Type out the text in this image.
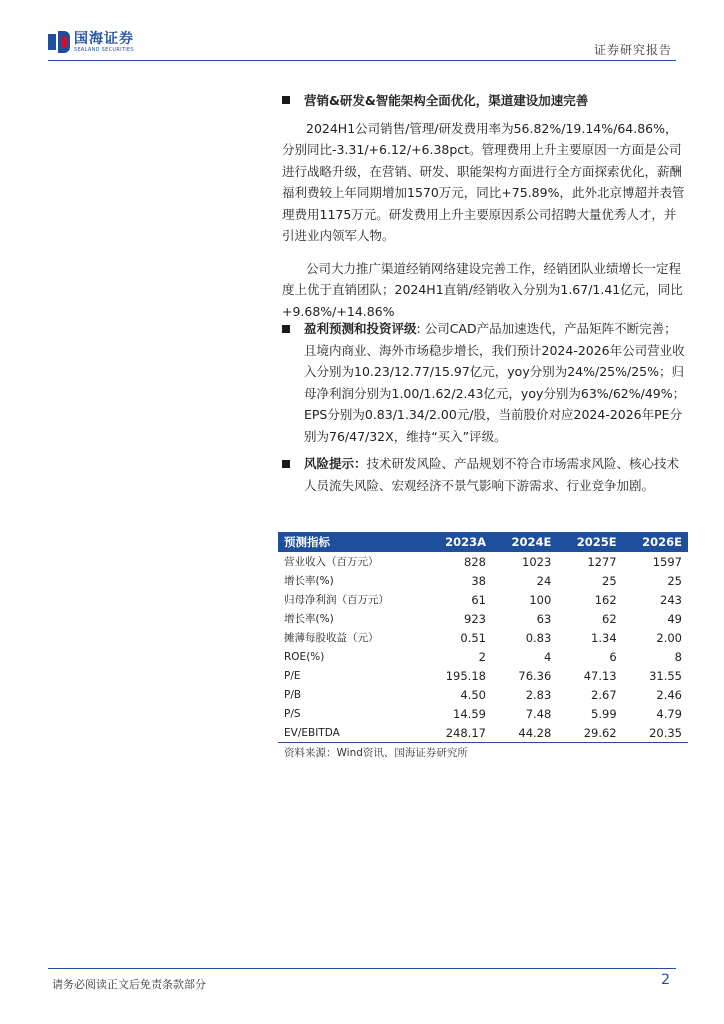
国海证券
SEALAND SECURITIES	证券研究报告
营销&研发&智能架构全面优化，渠道建设加速完善
2024H1公司销售/管理/研发费用率为56.82%/19.14%/64.86%，分别同比-3.31/+6.12/+6.38pct。管理费用上升主要原因一方面是公司进行战略升级，在营销、研发、职能架构方面进行全方面探索优化，薪酬福利费较上年同期增加1570万元，同比+75.89%，此外北京博超并表管理费用1175万元。研发费用上升主要原因系公司招聘大量优秀人才，并引进业内领军人物。
公司大力推广渠道经销网络建设完善工作，经销团队业绩增长一定程度上优于直销团队；2024H1直销/经销收入分别为1.67/1.41亿元，同比+9.68%/+14.86%
盈利预测和投资评级: 公司CAD产品加速迭代，产品矩阵不断完善；且境内商业、海外市场稳步增长，我们预计2024-2026年公司营业收入分别为10.23/12.77/15.97亿元，yoy分别为24%/25%/25%；归母净利润分别为1.00/1.62/2.43亿元，yoy分别为63%/62%/49%；EPS分别为0.83/1.34/2.00元/股，当前股价对应2024-2026年PE分别为76/47/32X，维持“买入”评级。
风险提示：技术研发风险、产品规划不符合市场需求风险、核心技术人员流失风险、宏观经济不景气影响下游需求、行业竞争加剧。
预测指标	2023A	2024E	2025E	2026E
营业收入（百万元）	828	1023	1277	1597
增长率(%)	38	24	25	25
归母净利润（百万元）	61	100	162	243
增长率(%)	923	63	62	49
摊薄每股收益（元）	0.51	0.83	1.34	2.00
ROE(%)	2	4	6	8
P/E	195.18	76.36	47.13	31.55
P/B	4.50	2.83	2.67	2.46
P/S	14.59	7.48	5.99	4.79
EV/EBITDA	248.17	44.28	29.62	20.35
资料来源：Wind资讯、国海证券研究所
请务必阅读正文后免责条款部分	2
